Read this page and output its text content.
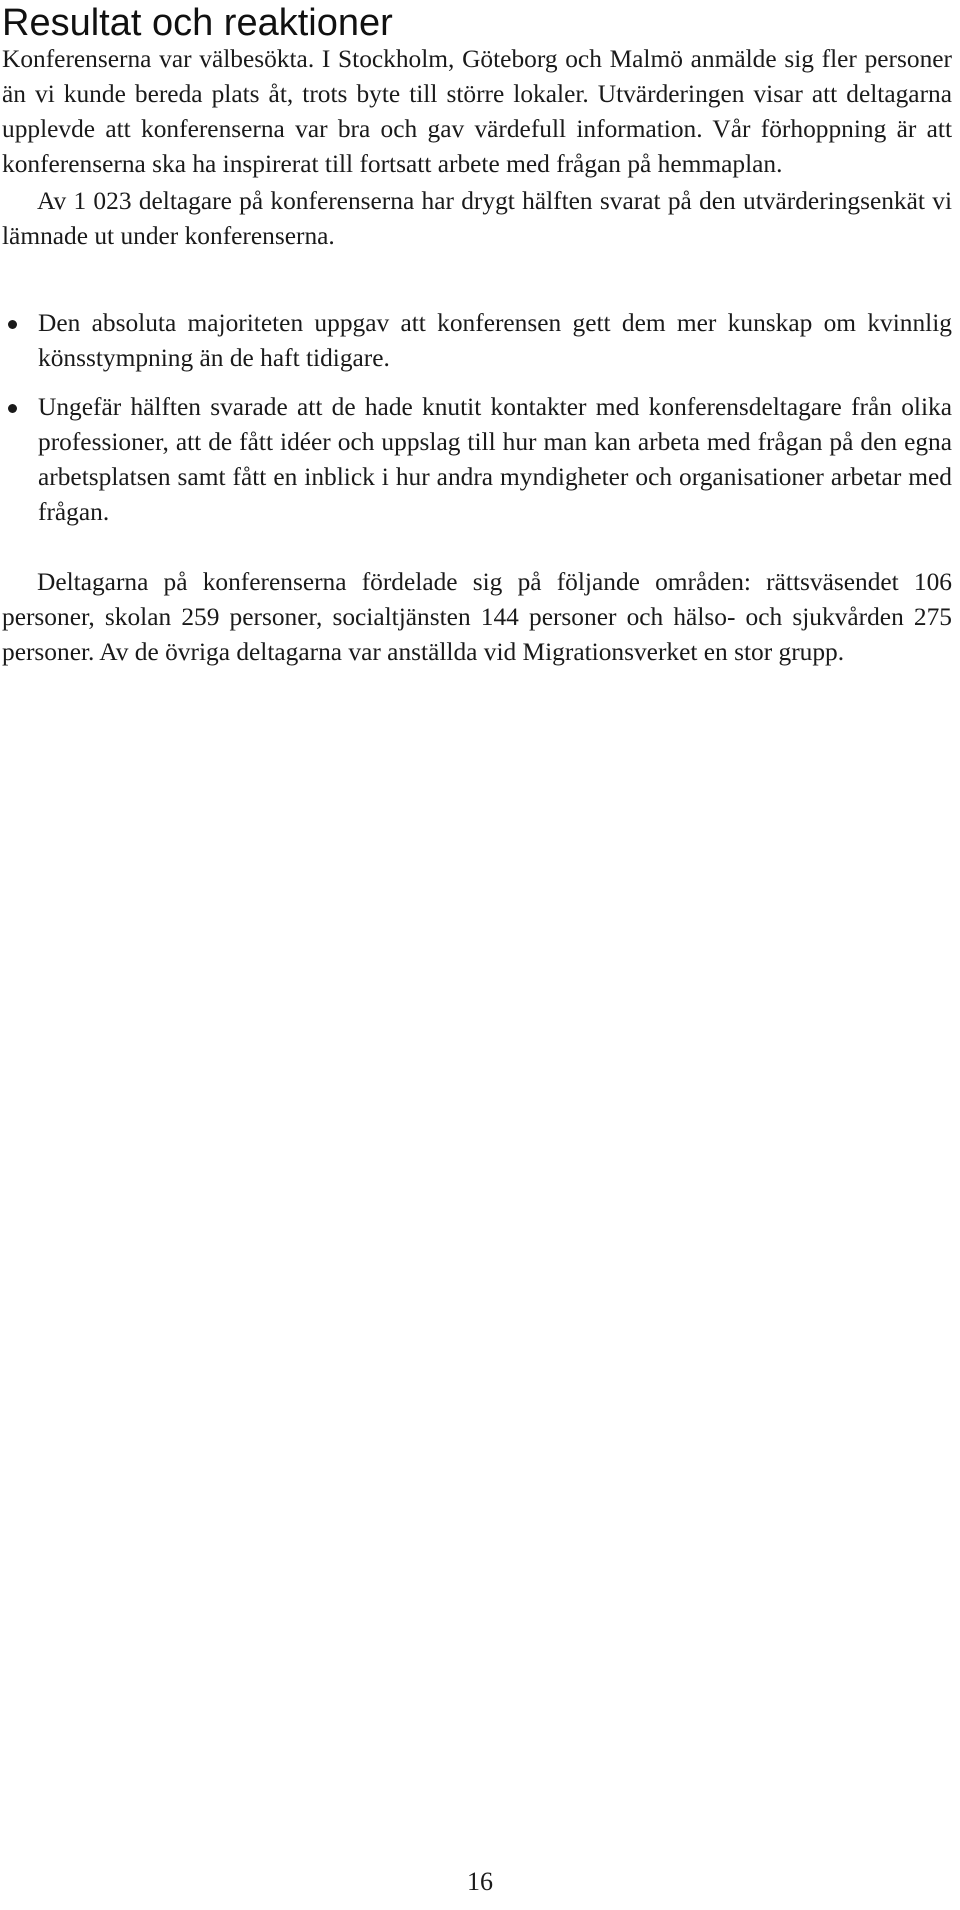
Resultat och reaktioner

Konferenserna var välbesökta. I Stockholm, Göteborg och Malmö anmälde sig fler personer än vi kunde bereda plats åt, trots byte till större lokaler. Utvärderingen visar att deltagarna upplevde att konferenserna var bra och gav värdefull information. Vår förhoppning är att konferenserna ska ha inspirerat till fortsatt arbete med frågan på hemmaplan.

Av 1 023 deltagare på konferenserna har drygt hälften svarat på den utvärderingsenkät vi lämnade ut under konferenserna.

Den absoluta majoriteten uppgav att konferensen gett dem mer kunskap om kvinnlig könsstympning än de haft tidigare.
Ungefär hälften svarade att de hade knutit kontakter med konferensdeltagare från olika professioner, att de fått idéer och uppslag till hur man kan arbeta med frågan på den egna arbetsplatsen samt fått en inblick i hur andra myndigheter och organisationer arbetar med frågan.

Deltagarna på konferenserna fördelade sig på följande områden: rättsväsendet 106 personer, skolan 259 personer, socialtjänsten 144 personer och hälso- och sjukvården 275 personer. Av de övriga deltagarna var anställda vid Migrationsverket en stor grupp.

16
